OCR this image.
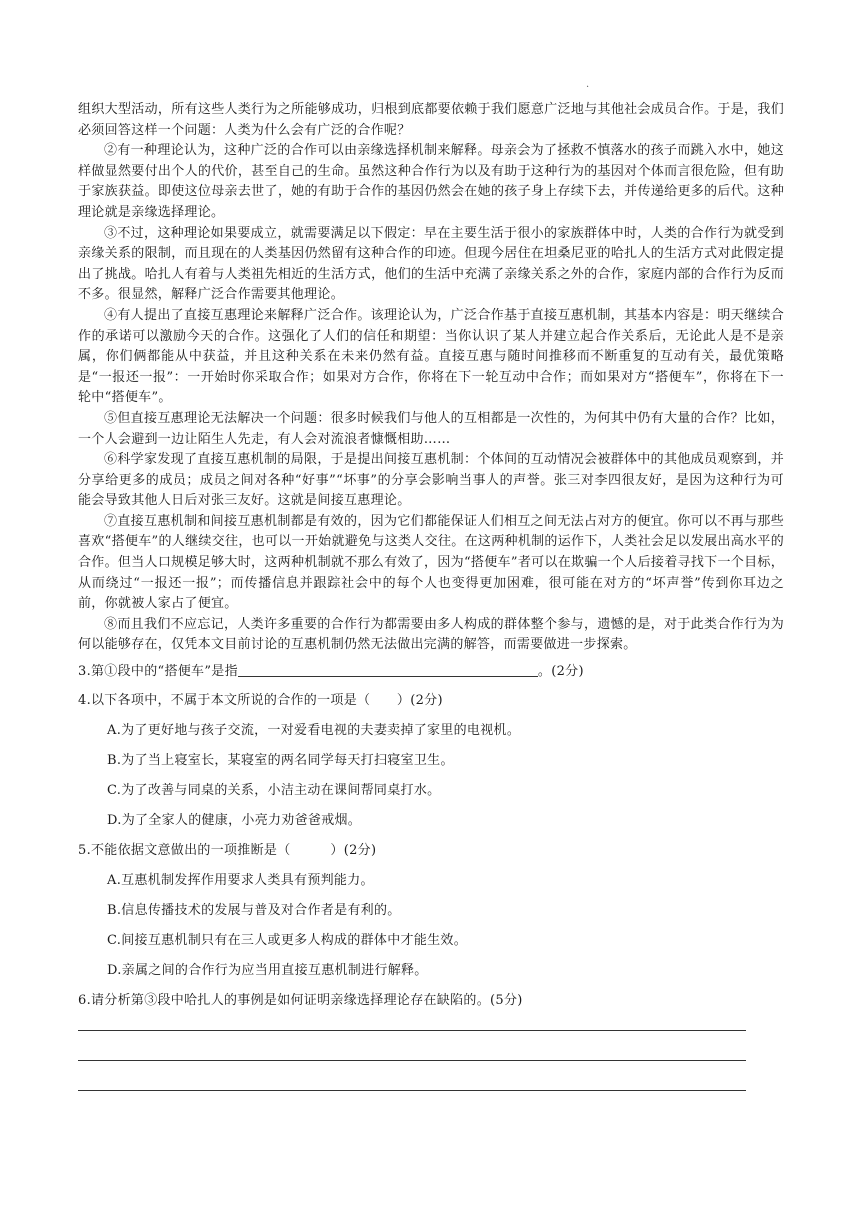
·

组织大型活动，所有这些人类行为之所能够成功，归根到底都要依赖于我们愿意广泛地与其他社会成员合作。于是，我们必须回答这样一个问题：人类为什么会有广泛的合作呢？

②有一种理论认为，这种广泛的合作可以由亲缘选择机制来解释。母亲会为了拯救不慎落水的孩子而跳入水中，她这样做显然要付出个人的代价，甚至自己的生命。虽然这种合作行为以及有助于这种行为的基因对个体而言很危险，但有助于家族获益。即使这位母亲去世了，她的有助于合作的基因仍然会在她的孩子身上存续下去，并传递给更多的后代。这种理论就是亲缘选择理论。

③不过，这种理论如果要成立，就需要满足以下假定：早在主要生活于很小的家族群体中时，人类的合作行为就受到亲缘关系的限制，而且现在的人类基因仍然留有这种合作的印迹。但现今居住在坦桑尼亚的哈扎人的生活方式对此假定提出了挑战。哈扎人有着与人类祖先相近的生活方式，他们的生活中充满了亲缘关系之外的合作，家庭内部的合作行为反而不多。很显然，解释广泛合作需要其他理论。

④有人提出了直接互惠理论来解释广泛合作。该理论认为，广泛合作基于直接互惠机制，其基本内容是：明天继续合作的承诺可以激励今天的合作。这强化了人们的信任和期望：当你认识了某人并建立起合作关系后，无论此人是不是亲属，你们俩都能从中获益，并且这种关系在未来仍然有益。直接互惠与随时间推移而不断重复的互动有关，最优策略是“一报还一报”：一开始时你采取合作；如果对方合作，你将在下一轮互动中合作；而如果对方“搭便车”，你将在下一轮中“搭便车”。

⑤但直接互惠理论无法解决一个问题：很多时候我们与他人的互相都是一次性的，为何其中仍有大量的合作？比如，一个人会避到一边让陌生人先走，有人会对流浪者慷慨相助……

⑥科学家发现了直接互惠机制的局限，于是提出间接互惠机制：个体间的互动情况会被群体中的其他成员观察到，并分享给更多的成员；成员之间对各种“好事”“坏事”的分享会影响当事人的声誉。张三对李四很友好，是因为这种行为可能会导致其他人日后对张三友好。这就是间接互惠理论。

⑦直接互惠机制和间接互惠机制都是有效的，因为它们都能保证人们相互之间无法占对方的便宜。你可以不再与那些喜欢“搭便车”的人继续交往，也可以一开始就避免与这类人交往。在这两种机制的运作下，人类社会足以发展出高水平的合作。但当人口规模足够大时，这两种机制就不那么有效了，因为“搭便车”者可以在欺骗一个人后接着寻找下一个目标，从而绕过“一报还一报”；而传播信息并跟踪社会中的每个人也变得更加困难，很可能在对方的“坏声誉”传到你耳边之前，你就被人家占了便宜。

⑧而且我们不应忘记，人类许多重要的合作行为都需要由多人构成的群体整个参与，遗憾的是，对于此类合作行为为何以能够存在，仅凭本文目前讨论的互惠机制仍然无法做出完满的解答，而需要做进一步探索。

3.第①段中的“搭便车”是指	。(2分)
4.以下各项中，不属于本文所说的合作的一项是（　　）(2分)
A.为了更好地与孩子交流，一对爱看电视的夫妻卖掉了家里的电视机。
B.为了当上寝室长，某寝室的两名同学每天打扫寝室卫生。
C.为了改善与同桌的关系，小洁主动在课间帮同桌打水。
D.为了全家人的健康，小亮力劝爸爸戒烟。
5.不能依据文意做出的一项推断是（　　　）(2分)
A.互惠机制发挥作用要求人类具有预判能力。
B.信息传播技术的发展与普及对合作者是有利的。
C.间接互惠机制只有在三人或更多人构成的群体中才能生效。
D.亲属之间的合作行为应当用直接互惠机制进行解释。
6.请分析第③段中哈扎人的事例是如何证明亲缘选择理论存在缺陷的。(5分)
